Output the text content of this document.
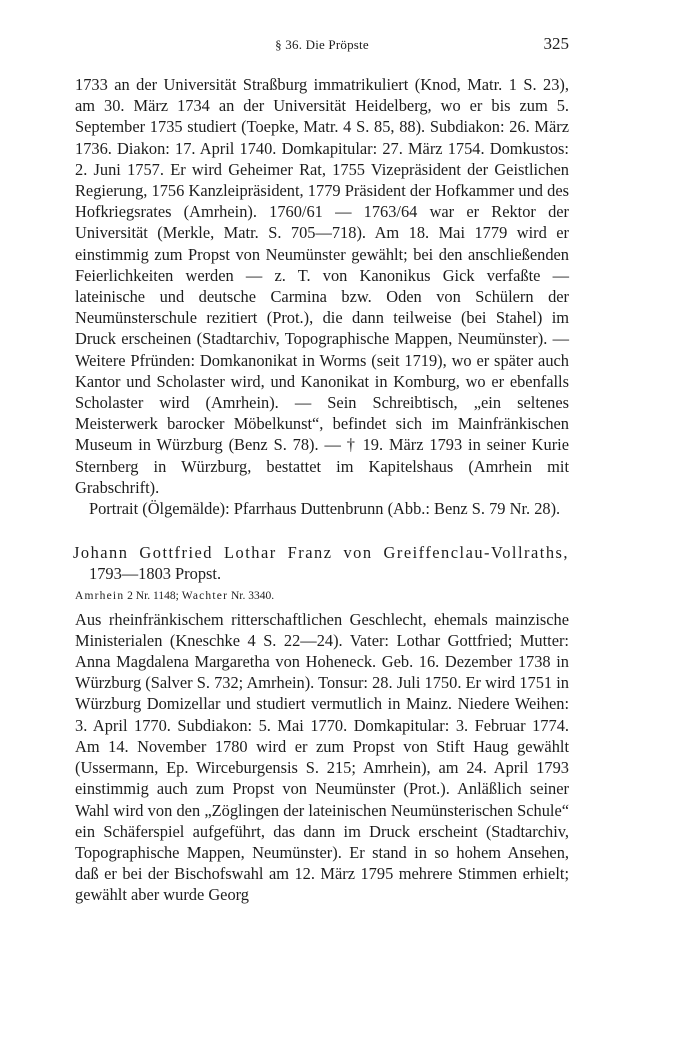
§ 36. Die Pröpste	325

1733 an der Universität Straßburg immatrikuliert (Knod, Matr. 1 S. 23), am 30. März 1734 an der Universität Heidelberg, wo er bis zum 5. September 1735 studiert (Toepke, Matr. 4 S. 85, 88). Subdiakon: 26. März 1736. Diakon: 17. April 1740. Domkapitular: 27. März 1754. Domkustos: 2. Juni 1757. Er wird Geheimer Rat, 1755 Vizepräsident der Geistlichen Regierung, 1756 Kanzleipräsident, 1779 Präsident der Hofkammer und des Hofkriegsrates (Amrhein). 1760/61 — 1763/64 war er Rektor der Universität (Merkle, Matr. S. 705—718). Am 18. Mai 1779 wird er einstimmig zum Propst von Neumünster gewählt; bei den anschließenden Feierlichkeiten werden — z. T. von Kanonikus Gick verfaßte — lateinische und deutsche Carmina bzw. Oden von Schülern der Neumünsterschule rezitiert (Prot.), die dann teilweise (bei Stahel) im Druck erscheinen (Stadtarchiv, Topographische Mappen, Neumünster). — Weitere Pfründen: Domkanonikat in Worms (seit 1719), wo er später auch Kantor und Scholaster wird, und Kanonikat in Komburg, wo er ebenfalls Scholaster wird (Amrhein). — Sein Schreibtisch, „ein seltenes Meisterwerk barocker Möbelkunst“, befindet sich im Mainfränkischen Museum in Würzburg (Benz S. 78). — † 19. März 1793 in seiner Kurie Sternberg in Würzburg, bestattet im Kapitelshaus (Amrhein mit Grabschrift).

Portrait (Ölgemälde): Pfarrhaus Duttenbrunn (Abb.: Benz S. 79 Nr. 28).

Johann Gottfried Lothar Franz von Greiffenclau-Vollraths, 1793—1803 Propst.

Amrhein 2 Nr. 1148; Wachter Nr. 3340.

Aus rheinfränkischem ritterschaftlichen Geschlecht, ehemals mainzische Ministerialen (Kneschke 4 S. 22—24). Vater: Lothar Gottfried; Mutter: Anna Magdalena Margaretha von Hoheneck. Geb. 16. Dezember 1738 in Würzburg (Salver S. 732; Amrhein). Tonsur: 28. Juli 1750. Er wird 1751 in Würzburg Domizellar und studiert vermutlich in Mainz. Niedere Weihen: 3. April 1770. Subdiakon: 5. Mai 1770. Domkapitular: 3. Februar 1774. Am 14. November 1780 wird er zum Propst von Stift Haug gewählt (Ussermann, Ep. Wirceburgensis S. 215; Amrhein), am 24. April 1793 einstimmig auch zum Propst von Neumünster (Prot.). Anläßlich seiner Wahl wird von den „Zöglingen der lateinischen Neumünsterischen Schule“ ein Schäferspiel aufgeführt, das dann im Druck erscheint (Stadtarchiv, Topographische Mappen, Neumünster). Er stand in so hohem Ansehen, daß er bei der Bischofswahl am 12. März 1795 mehrere Stimmen erhielt; gewählt aber wurde Georg
